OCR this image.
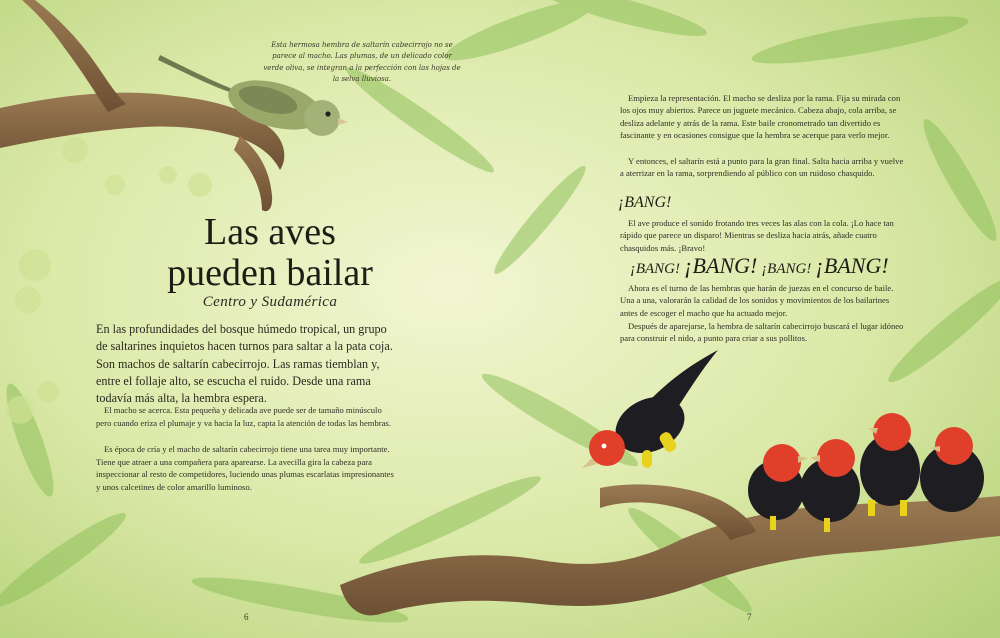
Esta hermosa hembra de saltarín cabecirrojo no se parece al macho. Las plumas, de un delicado color verde oliva, se integran a la perfección con las hojas de la selva lluviosa.
Las aves
pueden bailar
Centro y Sudamérica
En las profundidades del bosque húmedo tropical, un grupo de saltarines inquietos hacen turnos para saltar a la pata coja. Son machos de saltarín cabecirrojo. Las ramas tiemblan y, entre el follaje alto, se escucha el ruido. Desde una rama todavía más alta, la hembra espera.

El macho se acerca. Esta pequeña y delicada ave puede ser de tamaño minúsculo pero cuando eriza el plumaje y va hacia la luz, capta la atención de todas las hembras.

Es época de cría y el macho de saltarín cabecirrojo tiene una tarea muy importante. Tiene que atraer a una compañera para aparearse. La avecilla gira la cabeza para inspeccionar al resto de competidores, luciendo unas plumas escarlatas impresionantes y unos calcetines de color amarillo luminoso.

6

Empieza la representación. El macho se desliza por la rama. Fija su mirada con los ojos muy abiertos. Parece un juguete mecánico. Cabeza abajo, cola arriba, se desliza adelante y atrás de la rama. Este baile cronometrado tan divertido es fascinante y en ocasiones consigue que la hembra se acerque para verlo mejor.

Y entonces, el saltarín está a punto para la gran final. Salta hacia arriba y vuelve a aterrizar en la rama, sorprendiendo al público con un ruidoso chasquido.

¡BANG!

El ave produce el sonido frotando tres veces las alas con la cola. ¡Lo hace tan rápido que parece un disparo! Mientras se desliza hacia atrás, añade cuatro chasquidos más. ¡Bravo!

¡BANG! ¡BANG! ¡BANG! ¡BANG!

Ahora es el turno de las hembras que harán de juezas en el concurso de baile. Una a una, valorarán la calidad de los sonidos y movimientos de los bailarines antes de escoger el macho que ha actuado mejor.

Después de aparejarse, la hembra de saltarín cabecirrojo buscará el lugar idóneo para construir el nido, a punto para criar a sus pollitos.

7
